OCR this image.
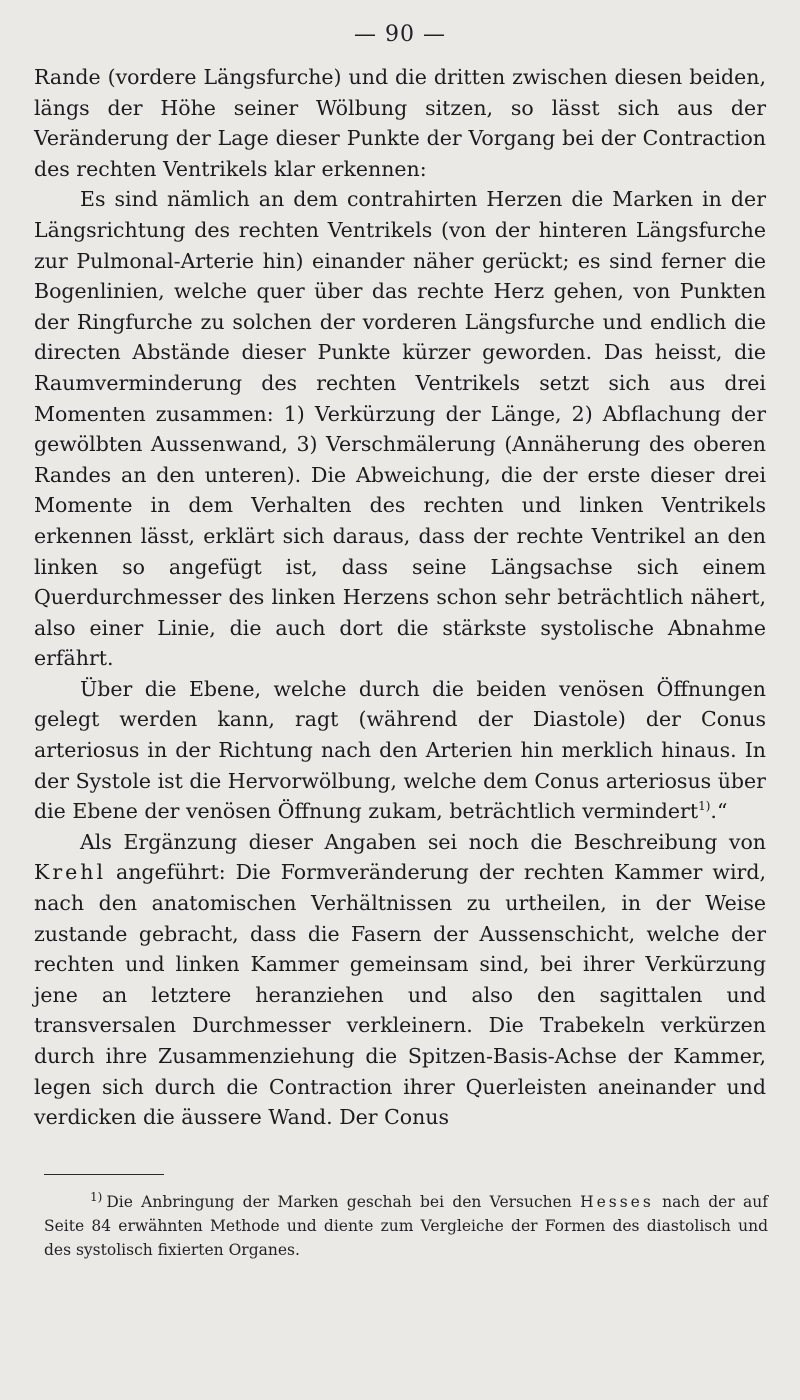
— 90 —

Rande (vordere Längsfurche) und die dritten zwischen diesen beiden, längs der Höhe seiner Wölbung sitzen, so lässt sich aus der Veränderung der Lage dieser Punkte der Vorgang bei der Contraction des rechten Ventrikels klar erkennen:

Es sind nämlich an dem contrahirten Herzen die Marken in der Längsrichtung des rechten Ventrikels (von der hinteren Längsfurche zur Pulmonal-Arterie hin) einander näher gerückt; es sind ferner die Bogenlinien, welche quer über das rechte Herz gehen, von Punkten der Ringfurche zu solchen der vorderen Längsfurche und endlich die directen Abstände dieser Punkte kürzer geworden. Das heisst, die Raumverminderung des rechten Ventrikels setzt sich aus drei Momenten zusammen: 1) Verkürzung der Länge, 2) Abflachung der gewölbten Aussenwand, 3) Verschmälerung (Annäherung des oberen Randes an den unteren). Die Abweichung, die der erste dieser drei Momente in dem Verhalten des rechten und linken Ventrikels erkennen lässt, erklärt sich daraus, dass der rechte Ventrikel an den linken so angefügt ist, dass seine Längsachse sich einem Querdurchmesser des linken Herzens schon sehr beträchtlich nähert, also einer Linie, die auch dort die stärkste systolische Abnahme erfährt.

Über die Ebene, welche durch die beiden venösen Öffnungen gelegt werden kann, ragt (während der Diastole) der Conus arteriosus in der Richtung nach den Arterien hin merklich hinaus. In der Systole ist die Hervorwölbung, welche dem Conus arteriosus über die Ebene der venösen Öffnung zukam, beträchtlich vermindert$^{1)}$.“

Als Ergänzung dieser Angaben sei noch die Beschreibung von Krehl angeführt: Die Formveränderung der rechten Kammer wird, nach den anatomischen Verhältnissen zu urtheilen, in der Weise zustande gebracht, dass die Fasern der Aussenschicht, welche der rechten und linken Kammer gemeinsam sind, bei ihrer Verkürzung jene an letztere heranziehen und also den sagittalen und transversalen Durchmesser verkleinern. Die Trabekeln verkürzen durch ihre Zusammenziehung die Spitzen-Basis-Achse der Kammer, legen sich durch die Contraction ihrer Querleisten aneinander und verdicken die äussere Wand. Der Conus

$^{1)}$ Die Anbringung der Marken geschah bei den Versuchen Hesses nach der auf Seite 84 erwähnten Methode und diente zum Vergleiche der Formen des diastolisch und des systolisch fixierten Organes.
